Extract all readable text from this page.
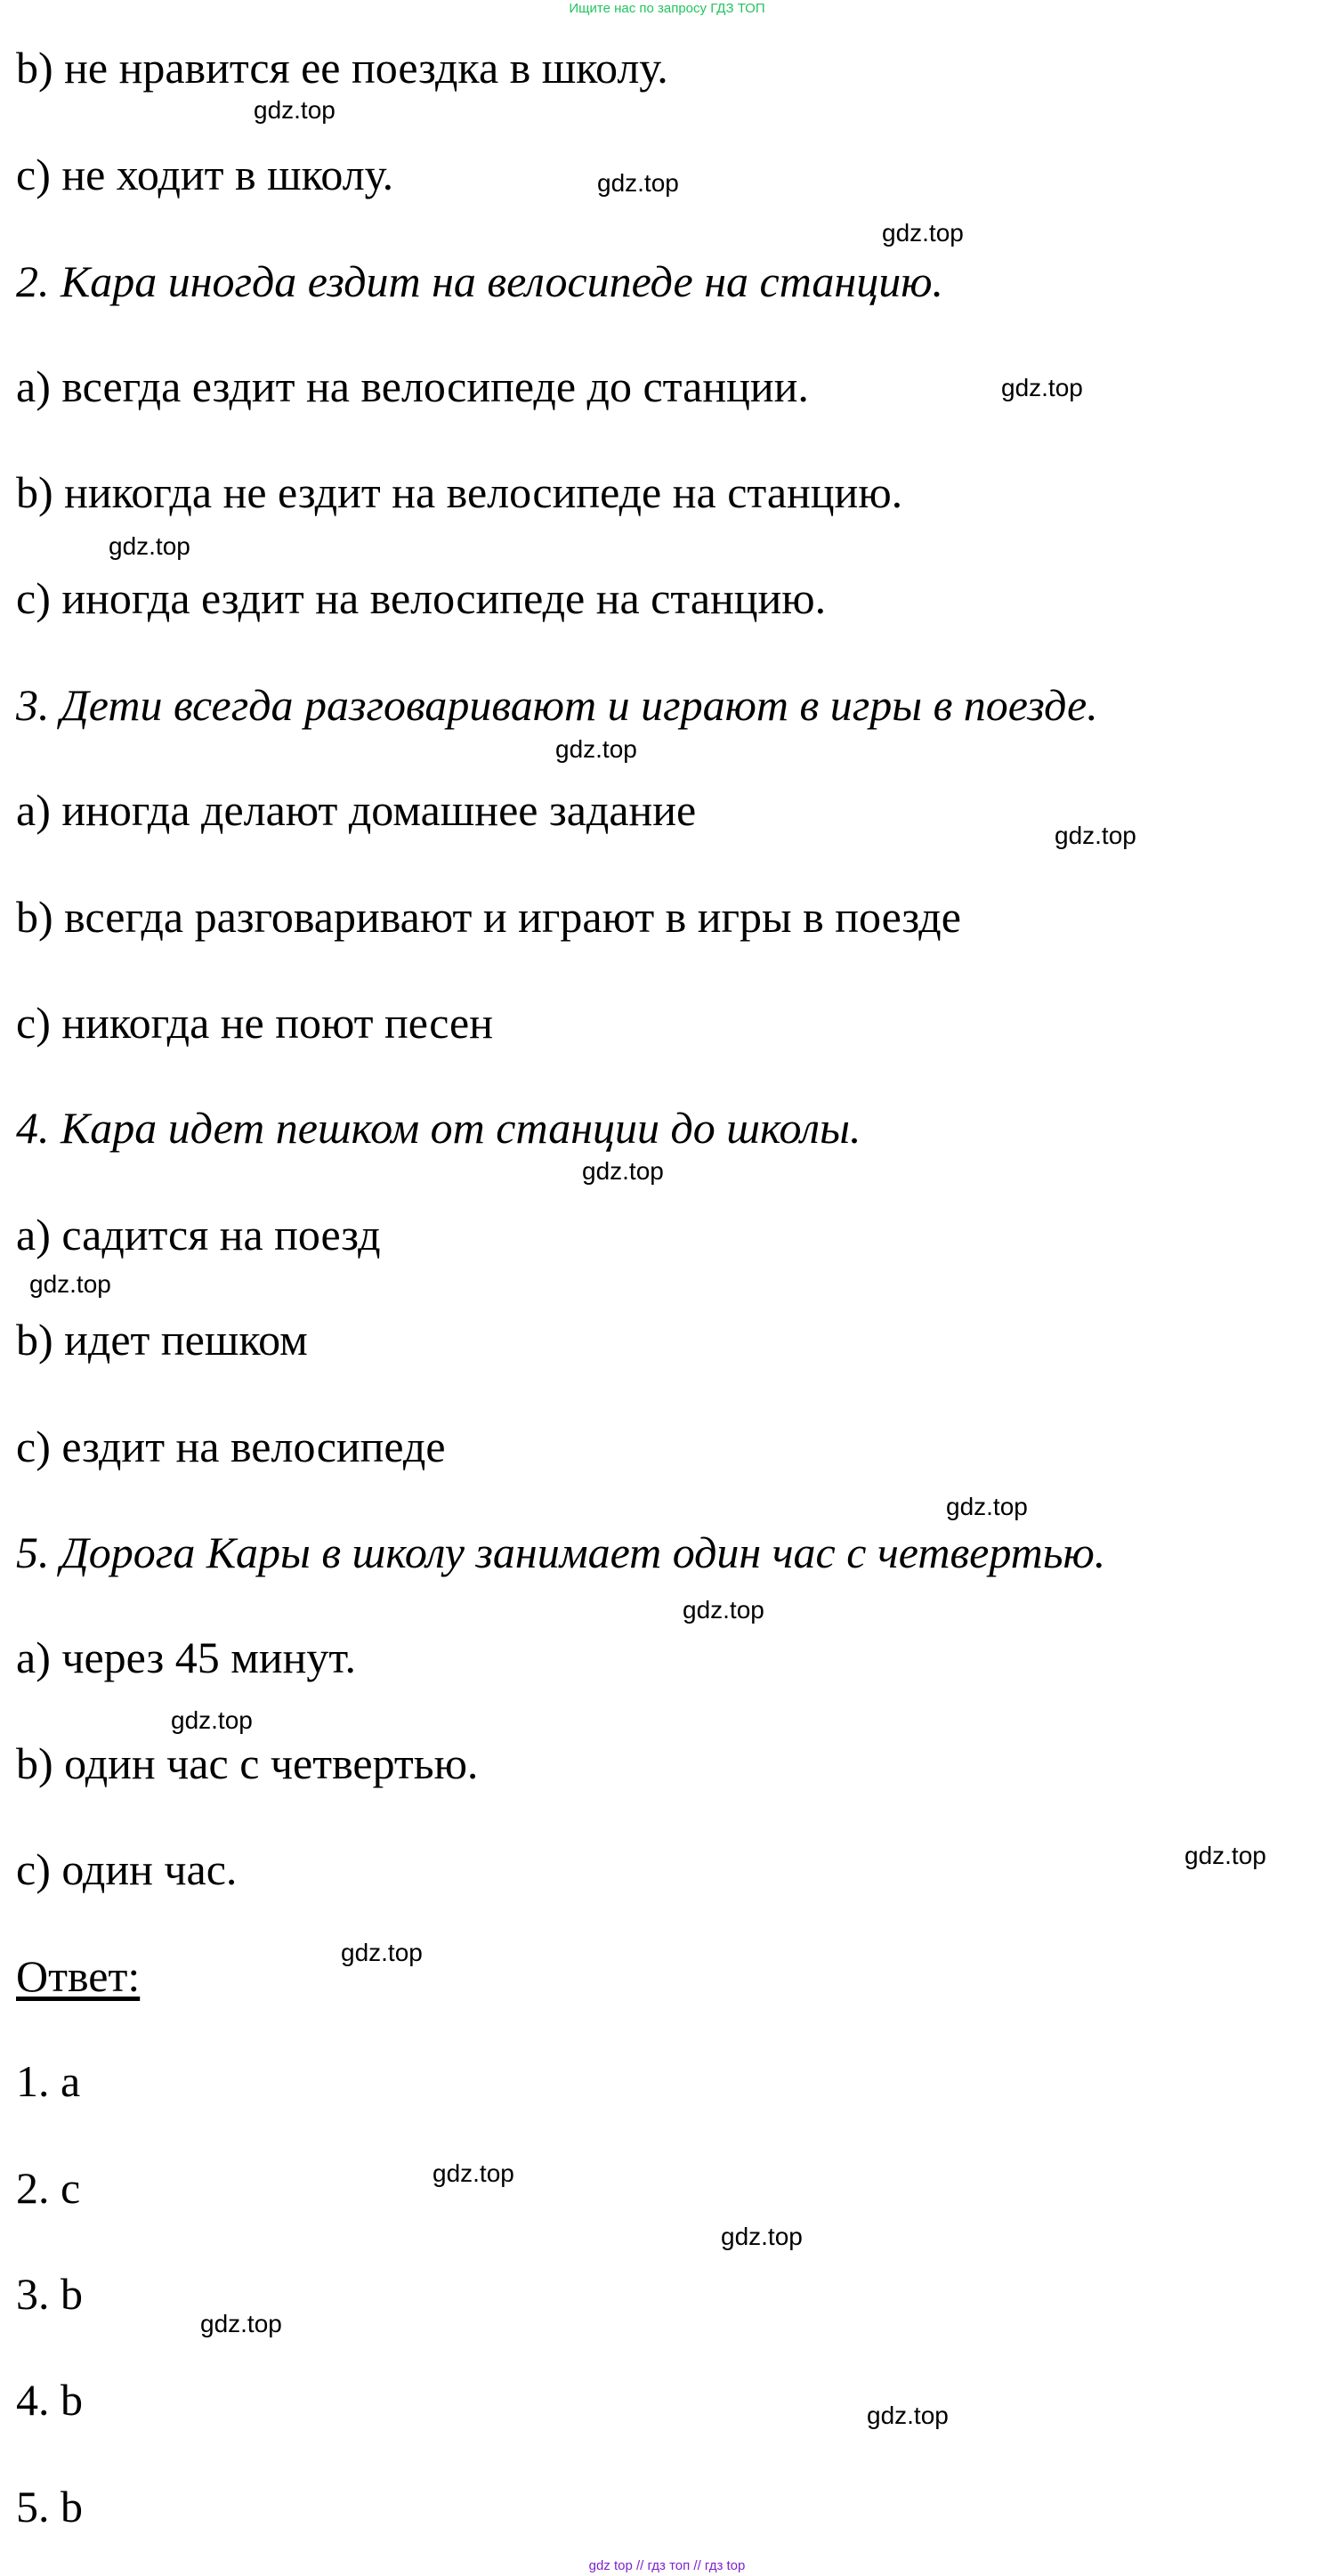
Ищите нас по запросу ГДЗ ТОП
b) не нравится ее поездка в школу.
c) не ходит в школу.
2. Кара иногда ездит на велосипеде на станцию.
a) всегда ездит на велосипеде до станции.
b) никогда не ездит на велосипеде на станцию.
c) иногда ездит на велосипеде на станцию.
3. Дети всегда разговаривают и играют в игры в поезде.
a) иногда делают домашнее задание
b) всегда разговаривают и играют в игры в поезде
c) никогда не поют песен
4. Кара идет пешком от станции до школы.
a) садится на поезд
b) идет пешком
c) ездит на велосипеде
5. Дорога Кары в школу занимает один час с четвертью.
a) через 45 минут.
b) один час с четвертью.
c) один час.
Ответ:
1. a
2. c
3. b
4. b
5. b
gdz.top
gdz.top
gdz.top
gdz.top
gdz.top
gdz.top
gdz.top
gdz.top
gdz.top
gdz.top
gdz.top
gdz.top
gdz.top
gdz.top
gdz.top
gdz.top
gdz.top
gdz.top
gdz top // гдз топ // гдз top
